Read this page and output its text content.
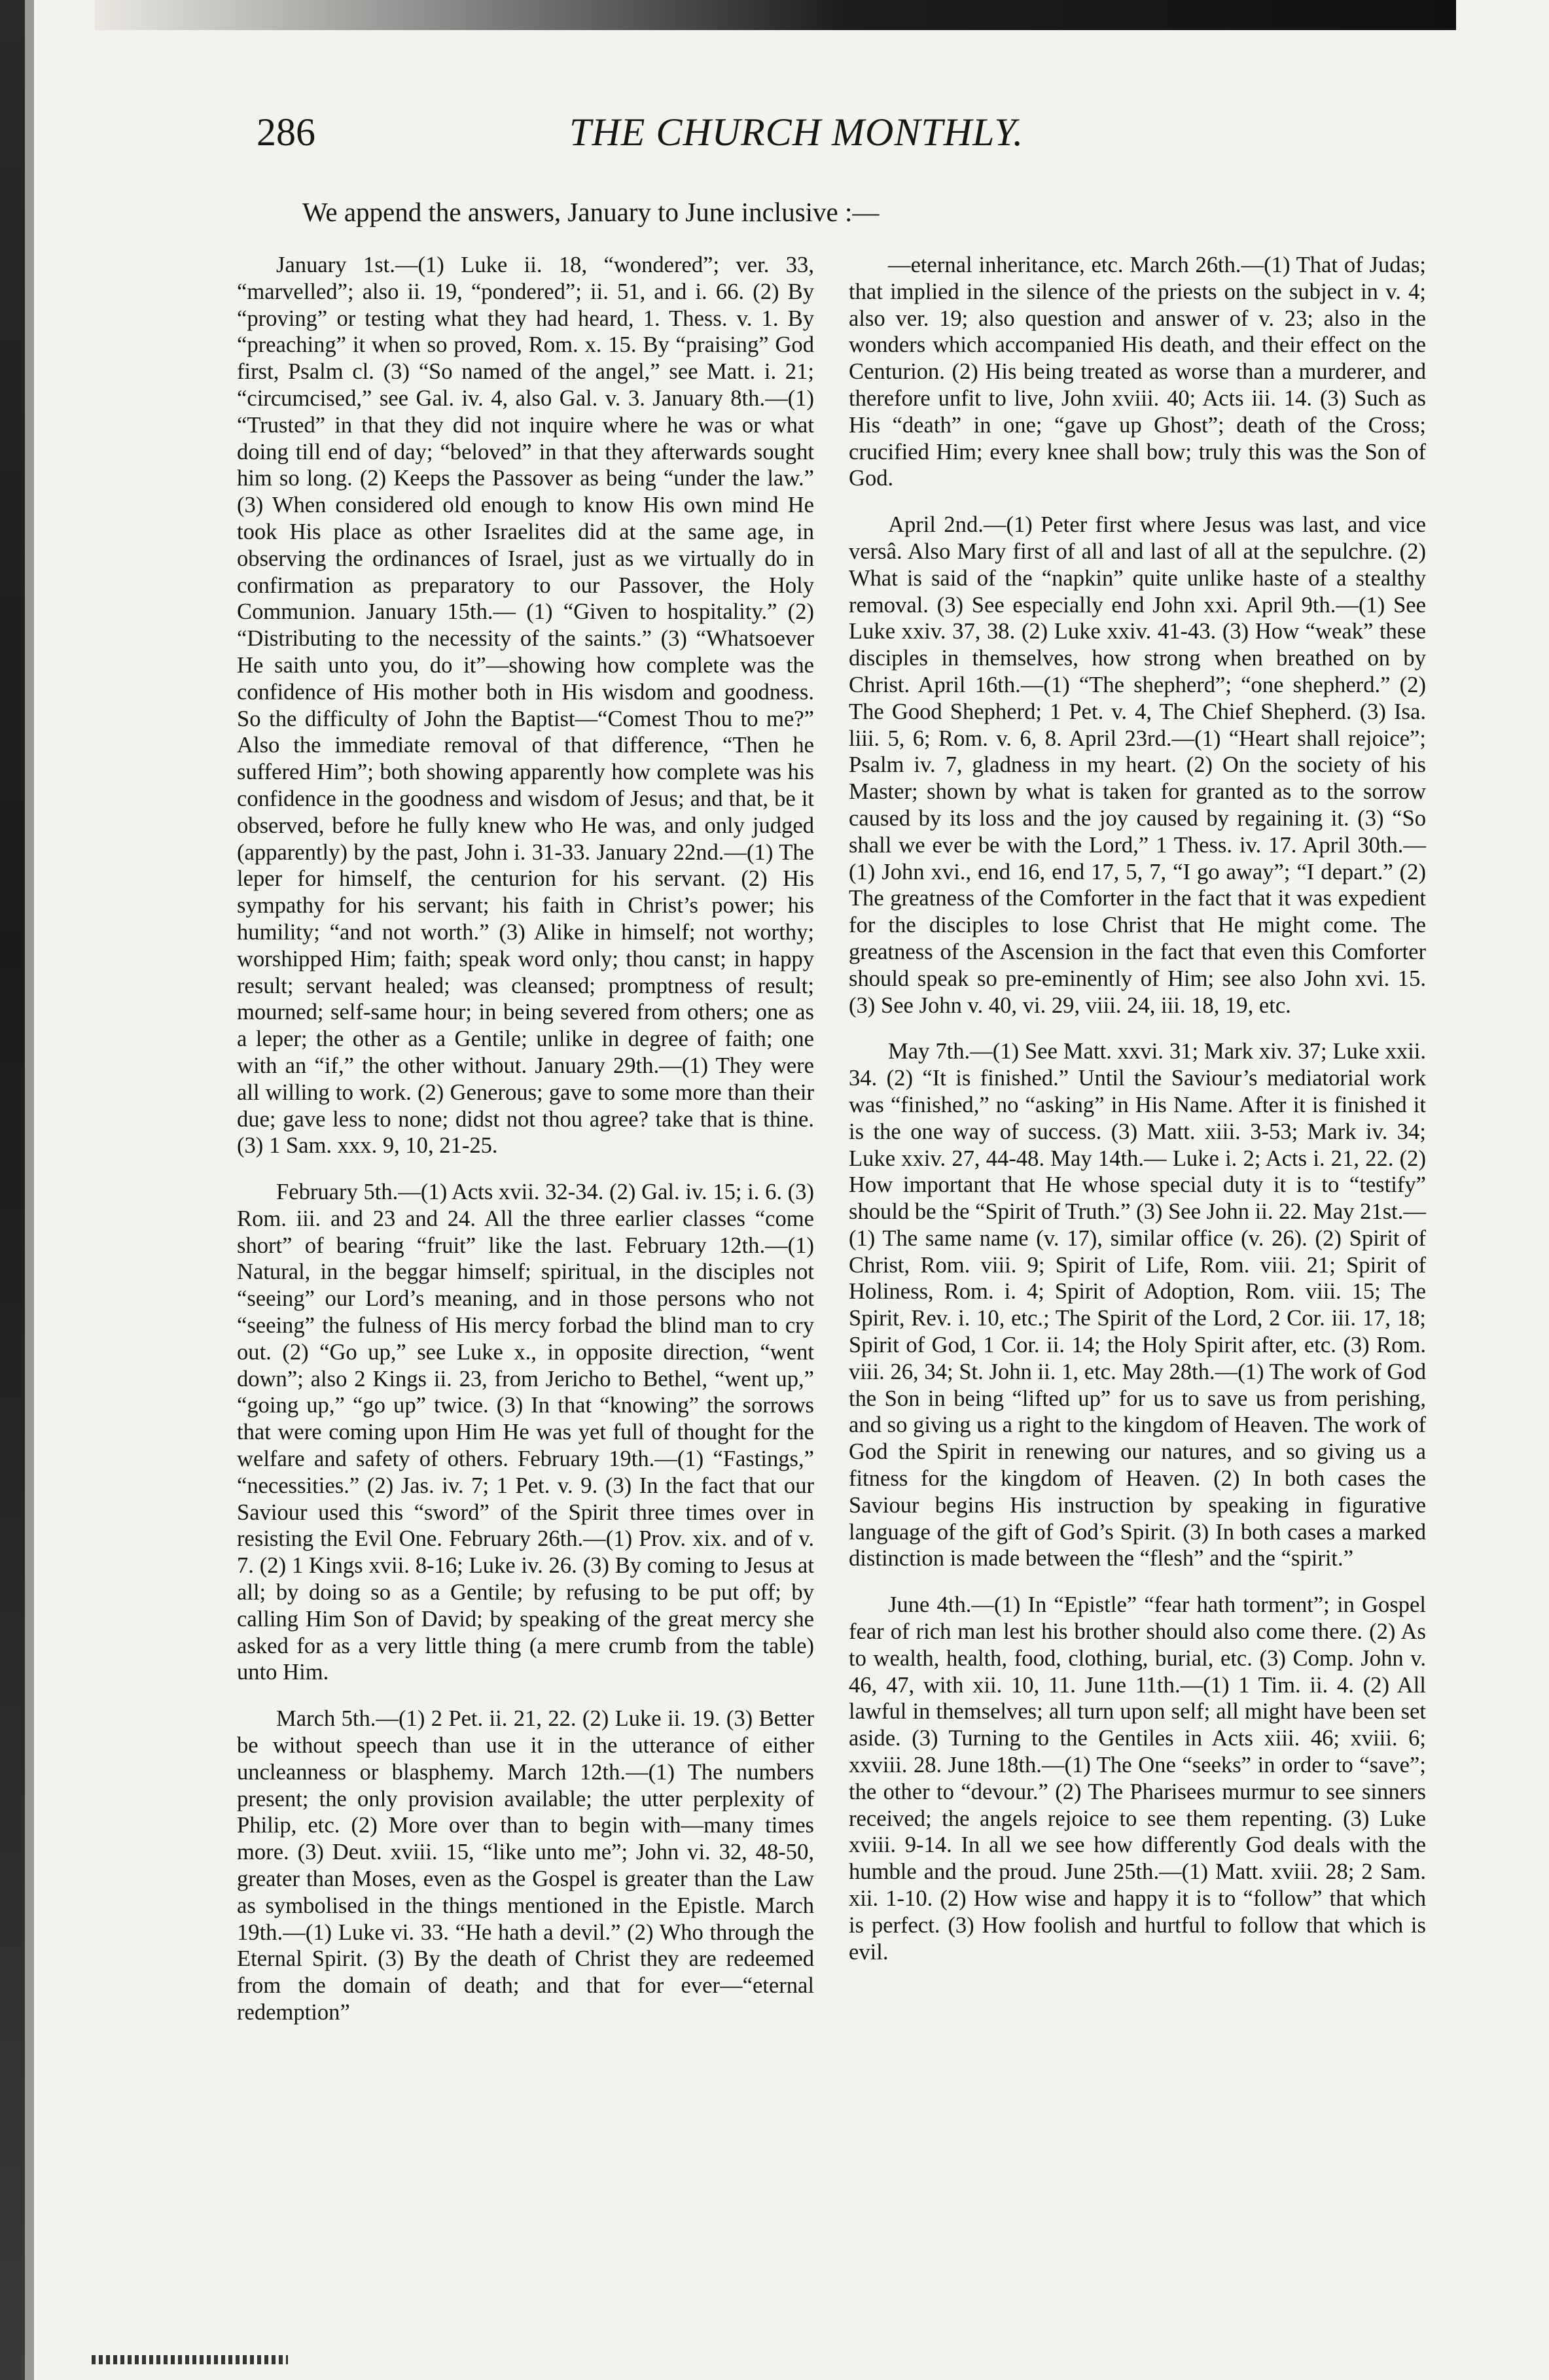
286	THE CHURCH MONTHLY.
We append the answers, January to June inclusive :—

January 1st.—(1) Luke ii. 18, “wondered”; ver. 33, “marvelled”; also ii. 19, “pondered”; ii. 51, and i. 66. (2) By “proving” or testing what they had heard, 1. Thess. v. 1. By “preaching” it when so proved, Rom. x. 15. By “praising” God first, Psalm cl. (3) “So named of the angel,” see Matt. i. 21; “circumcised,” see Gal. iv. 4, also Gal. v. 3. January 8th.—(1) “Trusted” in that they did not inquire where he was or what doing till end of day; “beloved” in that they afterwards sought him so long. (2) Keeps the Passover as being “under the law.” (3) When considered old enough to know His own mind He took His place as other Israelites did at the same age, in observing the ordinances of Israel, just as we virtually do in confirmation as preparatory to our Passover, the Holy Communion. January 15th.— (1) “Given to hospitality.” (2) “Distributing to the necessity of the saints.” (3) “Whatsoever He saith unto you, do it”—showing how complete was the confidence of His mother both in His wisdom and goodness. So the difficulty of John the Baptist—“Comest Thou to me?” Also the immediate removal of that difference, “Then he suffered Him”; both showing apparently how complete was his confidence in the goodness and wisdom of Jesus; and that, be it observed, before he fully knew who He was, and only judged (apparently) by the past, John i. 31-33. January 22nd.—(1) The leper for himself, the centurion for his servant. (2) His sympathy for his servant; his faith in Christ’s power; his humility; “and not worth.” (3) Alike in himself; not worthy; worshipped Him; faith; speak word only; thou canst; in happy result; servant healed; was cleansed; promptness of result; mourned; self-same hour; in being severed from others; one as a leper; the other as a Gentile; unlike in degree of faith; one with an “if,” the other without. January 29th.—(1) They were all willing to work. (2) Generous; gave to some more than their due; gave less to none; didst not thou agree? take that is thine. (3) 1 Sam. xxx. 9, 10, 21-25.

February 5th.—(1) Acts xvii. 32-34. (2) Gal. iv. 15; i. 6. (3) Rom. iii. and 23 and 24. All the three earlier classes “come short” of bearing “fruit” like the last. February 12th.—(1) Natural, in the beggar himself; spiritual, in the disciples not “seeing” our Lord’s meaning, and in those persons who not “seeing” the fulness of His mercy forbad the blind man to cry out. (2) “Go up,” see Luke x., in opposite direction, “went down”; also 2 Kings ii. 23, from Jericho to Bethel, “went up,” “going up,” “go up” twice. (3) In that “knowing” the sorrows that were coming upon Him He was yet full of thought for the welfare and safety of others. February 19th.—(1) “Fastings,” “necessities.” (2) Jas. iv. 7; 1 Pet. v. 9. (3) In the fact that our Saviour used this “sword” of the Spirit three times over in resisting the Evil One. February 26th.—(1) Prov. xix. and of v. 7. (2) 1 Kings xvii. 8-16; Luke iv. 26. (3) By coming to Jesus at all; by doing so as a Gentile; by refusing to be put off; by calling Him Son of David; by speaking of the great mercy she asked for as a very little thing (a mere crumb from the table) unto Him.

March 5th.—(1) 2 Pet. ii. 21, 22. (2) Luke ii. 19. (3) Better be without speech than use it in the utterance of either uncleanness or blasphemy. March 12th.—(1) The numbers present; the only provision available; the utter perplexity of Philip, etc. (2) More over than to begin with—many times more. (3) Deut. xviii. 15, “like unto me”; John vi. 32, 48-50, greater than Moses, even as the Gospel is greater than the Law as symbolised in the things mentioned in the Epistle. March 19th.—(1) Luke vi. 33. “He hath a devil.” (2) Who through the Eternal Spirit. (3) By the death of Christ they are redeemed from the domain of death; and that for ever—“eternal redemption”

—eternal inheritance, etc. March 26th.—(1) That of Judas; that implied in the silence of the priests on the subject in v. 4; also ver. 19; also question and answer of v. 23; also in the wonders which accompanied His death, and their effect on the Centurion. (2) His being treated as worse than a murderer, and therefore unfit to live, John xviii. 40; Acts iii. 14. (3) Such as His “death” in one; “gave up Ghost”; death of the Cross; crucified Him; every knee shall bow; truly this was the Son of God.

April 2nd.—(1) Peter first where Jesus was last, and vice versâ. Also Mary first of all and last of all at the sepulchre. (2) What is said of the “napkin” quite unlike haste of a stealthy removal. (3) See especially end John xxi. April 9th.—(1) See Luke xxiv. 37, 38. (2) Luke xxiv. 41-43. (3) How “weak” these disciples in themselves, how strong when breathed on by Christ. April 16th.—(1) “The shepherd”; “one shepherd.” (2) The Good Shepherd; 1 Pet. v. 4, The Chief Shepherd. (3) Isa. liii. 5, 6; Rom. v. 6, 8. April 23rd.—(1) “Heart shall rejoice”; Psalm iv. 7, gladness in my heart. (2) On the society of his Master; shown by what is taken for granted as to the sorrow caused by its loss and the joy caused by regaining it. (3) “So shall we ever be with the Lord,” 1 Thess. iv. 17. April 30th.— (1) John xvi., end 16, end 17, 5, 7, “I go away”; “I depart.” (2) The greatness of the Comforter in the fact that it was expedient for the disciples to lose Christ that He might come. The greatness of the Ascension in the fact that even this Comforter should speak so pre-eminently of Him; see also John xvi. 15. (3) See John v. 40, vi. 29, viii. 24, iii. 18, 19, etc.

May 7th.—(1) See Matt. xxvi. 31; Mark xiv. 37; Luke xxii. 34. (2) “It is finished.” Until the Saviour’s mediatorial work was “finished,” no “asking” in His Name. After it is finished it is the one way of success. (3) Matt. xiii. 3-53; Mark iv. 34; Luke xxiv. 27, 44-48. May 14th.— Luke i. 2; Acts i. 21, 22. (2) How important that He whose special duty it is to “testify” should be the “Spirit of Truth.” (3) See John ii. 22. May 21st.—(1) The same name (v. 17), similar office (v. 26). (2) Spirit of Christ, Rom. viii. 9; Spirit of Life, Rom. viii. 21; Spirit of Holiness, Rom. i. 4; Spirit of Adoption, Rom. viii. 15; The Spirit, Rev. i. 10, etc.; The Spirit of the Lord, 2 Cor. iii. 17, 18; Spirit of God, 1 Cor. ii. 14; the Holy Spirit after, etc. (3) Rom. viii. 26, 34; St. John ii. 1, etc. May 28th.—(1) The work of God the Son in being “lifted up” for us to save us from perishing, and so giving us a right to the kingdom of Heaven. The work of God the Spirit in renewing our natures, and so giving us a fitness for the kingdom of Heaven. (2) In both cases the Saviour begins His instruction by speaking in figurative language of the gift of God’s Spirit. (3) In both cases a marked distinction is made between the “flesh” and the “spirit.”

June 4th.—(1) In “Epistle” “fear hath torment”; in Gospel fear of rich man lest his brother should also come there. (2) As to wealth, health, food, clothing, burial, etc. (3) Comp. John v. 46, 47, with xii. 10, 11. June 11th.—(1) 1 Tim. ii. 4. (2) All lawful in themselves; all turn upon self; all might have been set aside. (3) Turning to the Gentiles in Acts xiii. 46; xviii. 6; xxviii. 28. June 18th.—(1) The One “seeks” in order to “save”; the other to “devour.” (2) The Pharisees murmur to see sinners received; the angels rejoice to see them repenting. (3) Luke xviii. 9-14. In all we see how differently God deals with the humble and the proud. June 25th.—(1) Matt. xviii. 28; 2 Sam. xii. 1-10. (2) How wise and happy it is to “follow” that which is perfect. (3) How foolish and hurtful to follow that which is evil.
